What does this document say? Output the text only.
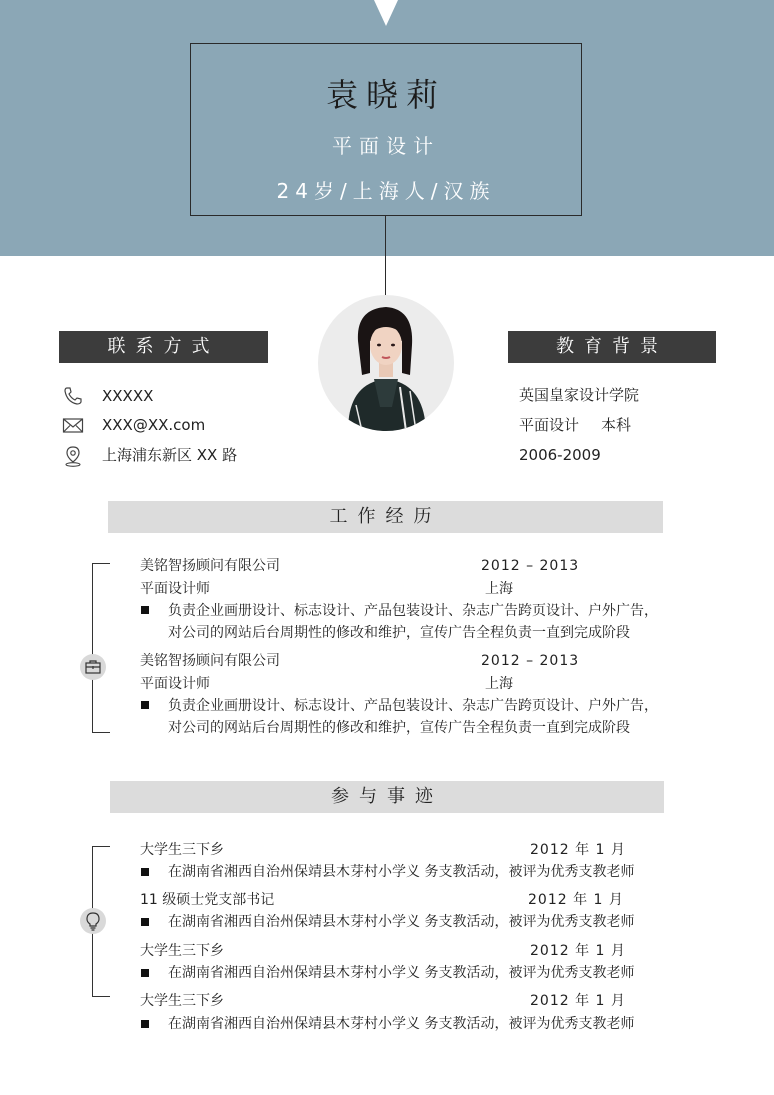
袁晓莉
平面设计
24岁/上海人/汉族
联系方式
XXXXX
XXX@XX.com
上海浦东新区 XX 路
教育背景
英国皇家设计学院
平面设计 本科
2006-2009
工作经历
美铭智扬顾问有限公司	2012 – 2013
平面设计师	上海
负责企业画册设计、标志设计、产品包装设计、杂志广告跨页设计、户外广告，
对公司的网站后台周期性的修改和维护，宣传广告全程负责一直到完成阶段
美铭智扬顾问有限公司	2012 – 2013
平面设计师	上海
负责企业画册设计、标志设计、产品包装设计、杂志广告跨页设计、户外广告，
对公司的网站后台周期性的修改和维护，宣传广告全程负责一直到完成阶段
参与事迹
大学生三下乡	2012 年 1 月
在湖南省湘西自治州保靖县木芽村小学义 务支教活动，被评为优秀支教老师
11 级硕士党支部书记	2012 年 1 月
在湖南省湘西自治州保靖县木芽村小学义 务支教活动，被评为优秀支教老师
大学生三下乡	2012 年 1 月
在湖南省湘西自治州保靖县木芽村小学义 务支教活动，被评为优秀支教老师
大学生三下乡	2012 年 1 月
在湖南省湘西自治州保靖县木芽村小学义 务支教活动，被评为优秀支教老师
